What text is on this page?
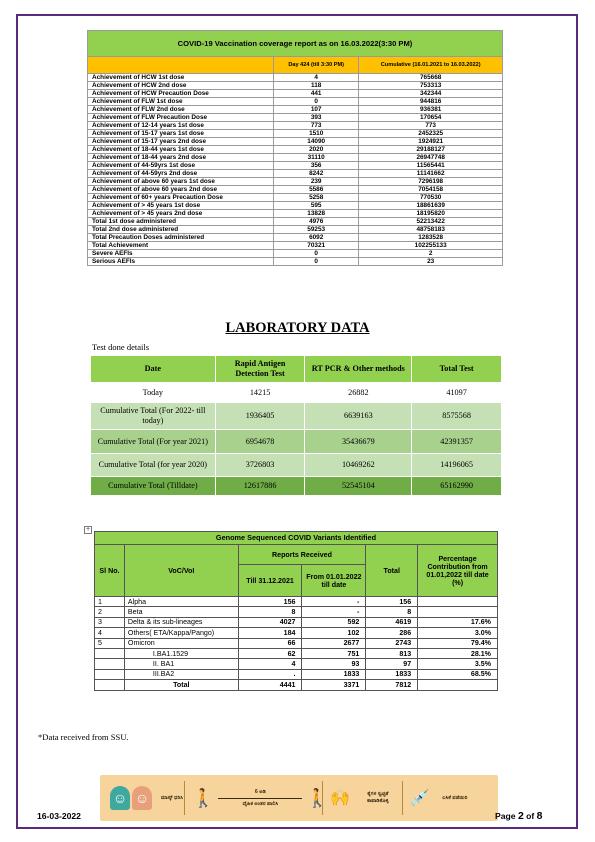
COVID-19 Vaccination coverage report as on 16.03.2022(3:30 PM)		
	Day 424 (till 3:30 PM)	Cumulative (16.01.2021 to 16.03.2022)
Achievement of HCW 1st dose	4	765668
Achievement of HCW 2nd dose	118	753313
Achievement of HCW Precaution Dose	441	342344
Achievement of FLW 1st dose	0	944816
Achievement of FLW 2nd dose	107	936381
Achievement of FLW Precaution Dose	393	170654
Achievement of 12-14 years 1st dose	773	773
Achievement of 15-17 years 1st dose	1510	2452325
Achievement of 15-17 years 2nd dose	14090	1924921
Achievement of 18-44 years 1st dose	2020	29188127
Achievement of 18-44 years 2nd dose	31110	26947748
Achievement of 44-59yrs 1st dose	356	11565441
Achievement of 44-59yrs 2nd dose	8242	11141662
Achievement of above 60 years 1st dose	239	7296198
Achievement of above 60 years 2nd dose	5586	7054158
Achievement of 60+ years Precaution Dose	5258	770530
Achievement of > 45 years 1st dose	595	18861639
Achievement of > 45 years 2nd dose	13828	18195820
Total 1st dose administered	4976	52213422
Total 2nd dose administered	59253	48758183
Total Precaution Doses administered	6092	1283528
Total Achievement	70321	102255133
Severe AEFIs	0	2
Serious AEFIs	0	23
LABORATORY DATA
Test done details
Date	Rapid Antigen Detection Test	RT PCR & Other methods	Total Test
Today	14215	26882	41097
Cumulative Total (For 2022- till today)	1936405	6639163	8575568
Cumulative Total (For year 2021)	6954678	35436679	42391357
Cumulative Total (for year 2020)	3726803	10469262	14196065
Cumulative Total (Tilldate)	12617886	52545104	65162990
+
Genome Sequenced COVID Variants Identified					
Sl No.	VoC/VoI	Reports Received		Total	Percentage Contribution from 01.01,2022 till date (%)
		Till 31.12.2021	From 01.01.2022 till date		
1	Alpha	156	-	156	
2	Beta	8	-	8	
3	Delta & its sub-lineages	4027	592	4619	17.6%
4	Others( ETA/Kappa/Pango)	184	102	286	3.0%
5	Omicron	66	2677	2743	79.4%
	I.BA1.1529	62	751	813	28.1%
	II. BA1	4	93	97	3.5%
	III.BA2	.	1833	1833	68.5%
	Total	4441	3371	7812	
*Data received from SSU.
☺ ☺	ಮಾಸ್ಕ್ ಧರಿಸಿ 🚶	6 ಅಡಿ
ದೈಹಿಕ ಅಂತರ ಪಾಲಿಸಿ	🚶 🙌	ಕೈಗಳ ಸ್ವಚ್ಛತೆ ಕಾಪಾಡಿಕೊಳ್ಳಿ	💉	ಲಸಿಕೆ ಪಡೆಯಿರಿ
16-03-2022	Page 2 of 8
